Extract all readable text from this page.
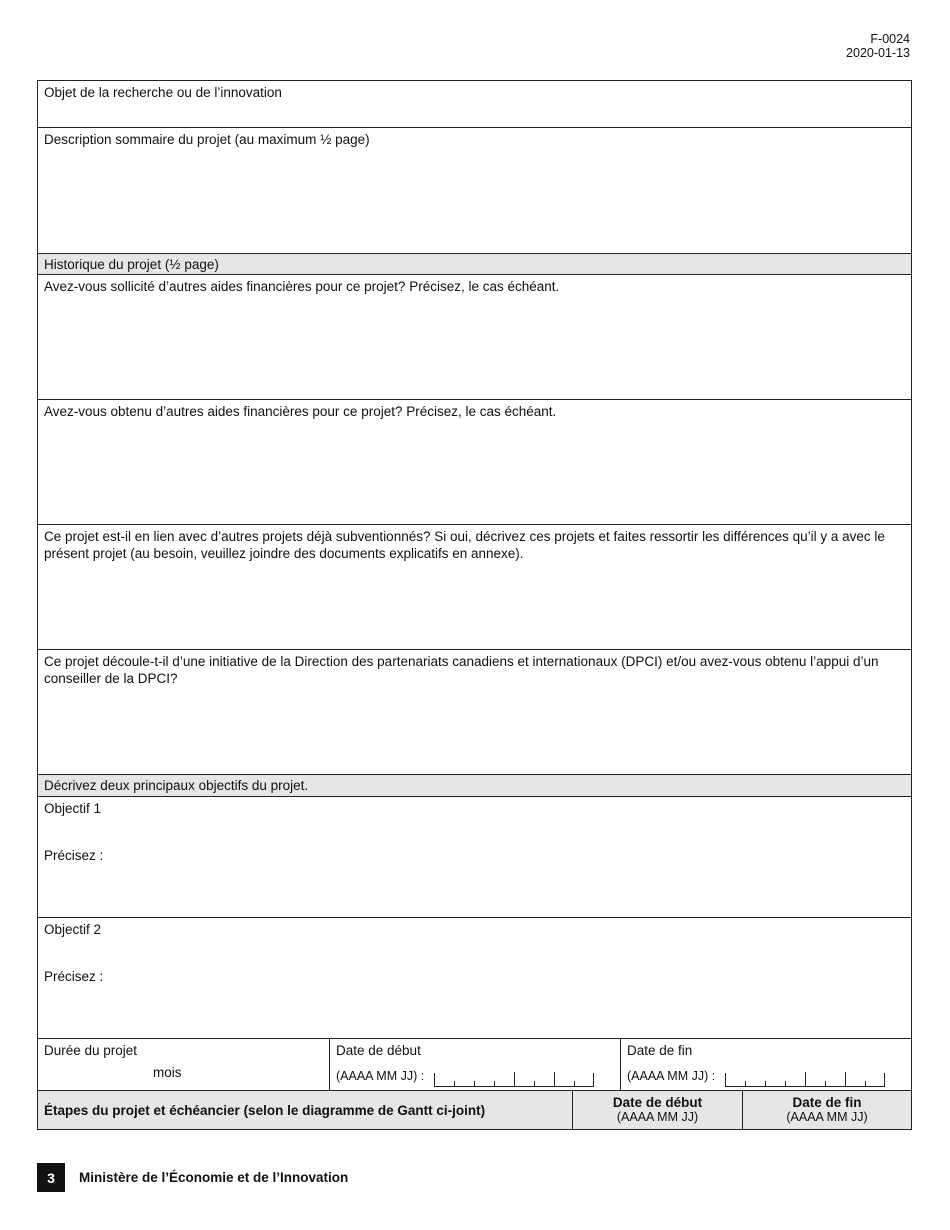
F-0024
2020-01-13
Objet de la recherche ou de l’innovation
Description sommaire du projet (au maximum ½ page)
Historique du projet (½ page)
Avez-vous sollicité d’autres aides financières pour ce projet? Précisez, le cas échéant.
Avez-vous obtenu d’autres aides financières pour ce projet? Précisez, le cas échéant.
Ce projet est-il en lien avec d’autres projets déjà subventionnés? Si oui, décrivez ces projets et faites ressortir les différences qu’il y a avec le présent projet (au besoin, veuillez joindre des documents explicatifs en annexe).
Ce projet découle-t-il d’une initiative de la Direction des partenariats canadiens et internationaux (DPCI) et/ou avez-vous obtenu l’appui d’un conseiller de la DPCI?
Décrivez deux principaux objectifs du projet.
Objectif 1
Précisez :
Objectif 2
Précisez :
Durée du projet
mois
Date de début
(AAAA MM JJ) :
Date de fin
(AAAA MM JJ) :
Étapes du projet et échéancier (selon le diagramme de Gantt ci-joint)	Date de début
(AAAA MM JJ)
Date de fin
(AAAA MM JJ)
3	Ministère de l’Économie et de l’Innovation
